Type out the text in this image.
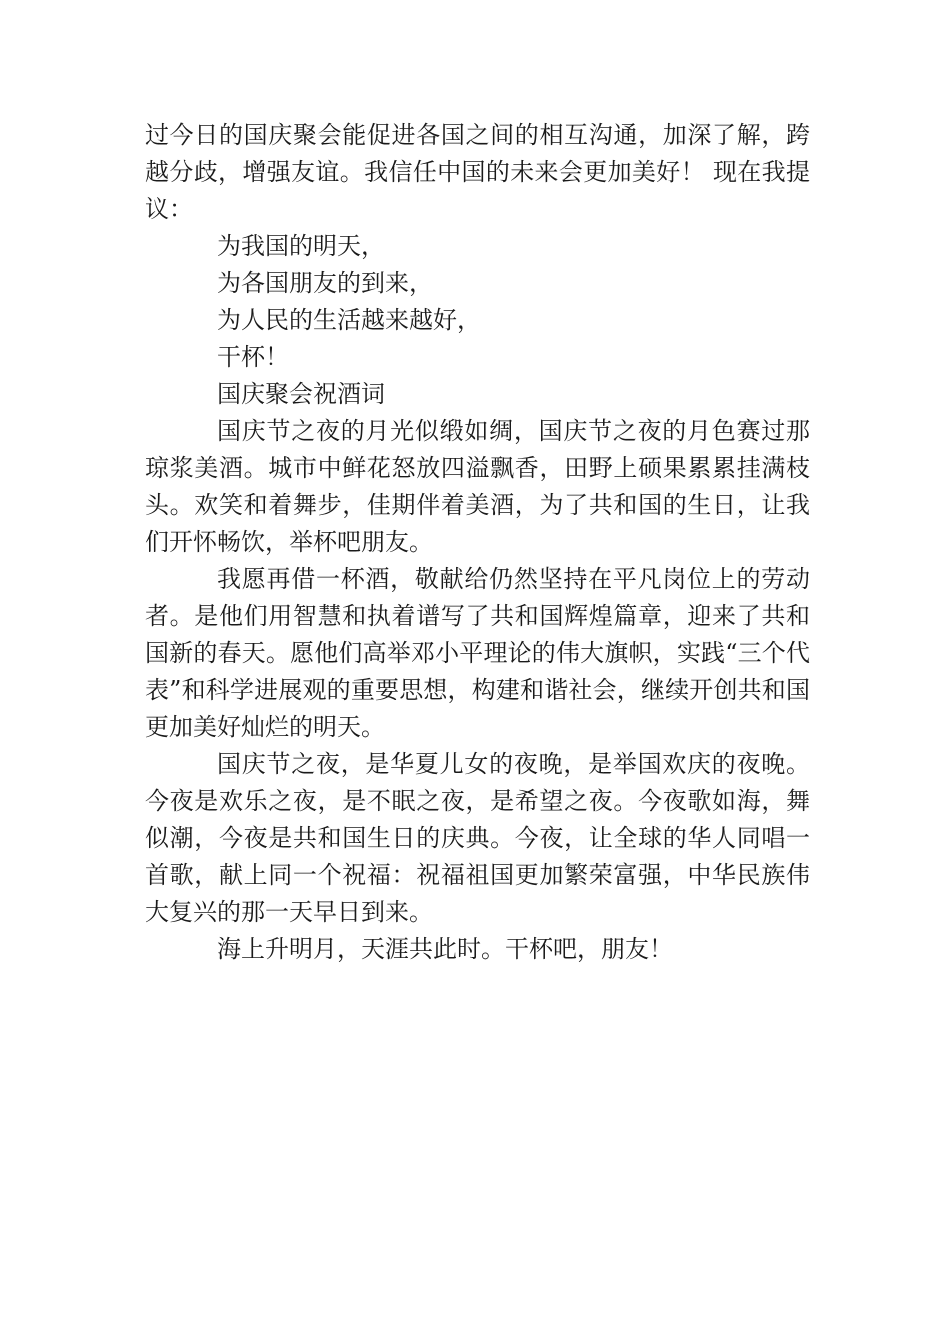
过今日的国庆聚会能促进各国之间的相互沟通，加深了解，跨越分歧，增强友谊。我信任中国的未来会更加美好！ 现在我提议：

为我国的明天，

为各国朋友的到来，

为人民的生活越来越好，

干杯！

国庆聚会祝酒词

国庆节之夜的月光似缎如绸，国庆节之夜的月色赛过那琼浆美酒。城市中鲜花怒放四溢飘香，田野上硕果累累挂满枝头。欢笑和着舞步，佳期伴着美酒，为了共和国的生日，让我们开怀畅饮，举杯吧朋友。

我愿再借一杯酒，敬献给仍然坚持在平凡岗位上的劳动者。是他们用智慧和执着谱写了共和国辉煌篇章，迎来了共和国新的春天。愿他们高举邓小平理论的伟大旗帜，实践“三个代表”和科学进展观的重要思想，构建和谐社会，继续开创共和国更加美好灿烂的明天。

国庆节之夜，是华夏儿女的夜晚，是举国欢庆的夜晚。今夜是欢乐之夜，是不眠之夜，是希望之夜。今夜歌如海，舞似潮，今夜是共和国生日的庆典。今夜，让全球的华人同唱一首歌，献上同一个祝福：祝福祖国更加繁荣富强，中华民族伟大复兴的那一天早日到来。

海上升明月，天涯共此时。干杯吧，朋友！
